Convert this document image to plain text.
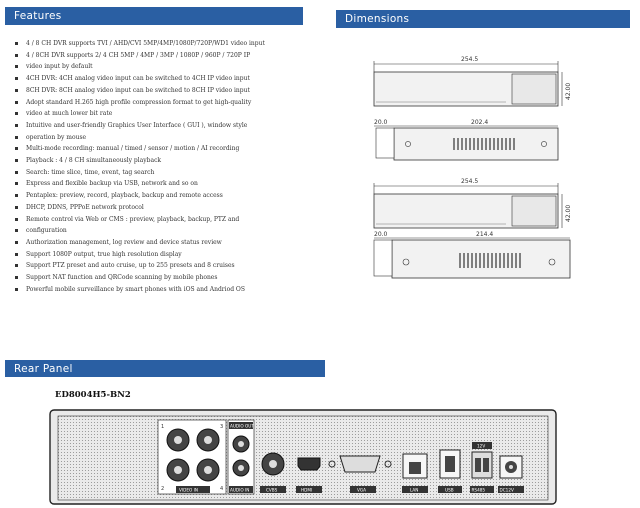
Features
4 / 8 CH DVR supports TVI / AHD/CVI 5MP/4MP/1080P/720P/WD1 video input
4 / 8CH DVR supports 2/ 4 CH 5MP / 4MP / 3MP / 1080P / 960P / 720P IP
video input by default
4CH DVR: 4CH analog video input can be switched to 4CH IP video input
8CH DVR: 8CH analog video input can be switched to 8CH IP video input
Adopt standard H.265 high profile compression format to get high-quality
video at much lower bit rate
Intuitive and user-friendly Graphics User Interface ( GUI ), window style
operation by mouse
Multi-mode recording: manual / timed / sensor / motion / AI recording
Playback : 4 / 8 CH simultaneously playback
Search: time slice, time, event, tag search
Express and flexible backup via USB, network and so on
Pentaplex: preview, record, playback, backup and remote access
DHCP, DDNS, PPPoE network protocol
Remote control via Web or CMS : preview, playback, backup, PTZ and
configuration
Authorization management, log review and device status review
Support 1080P output, true high resolution display
Support PTZ preset and auto cruise, up to 255 presets and 8 cruises
Support NAT function and QRCode scanning by mobile phones
Powerful mobile surveillance by smart phones with iOS and Andriod OS
Dimensions
254.5
42.00
20.0	202.4
254.5
42.00
20.0	214.4
Rear Panel
ED8004H5-BN2
1	3
2	4
VIDEO IN
AUDIO OUT
AUDIO IN	CVBS	HDMI	VGA	LAN	USB
12V
RS485	DC12V
